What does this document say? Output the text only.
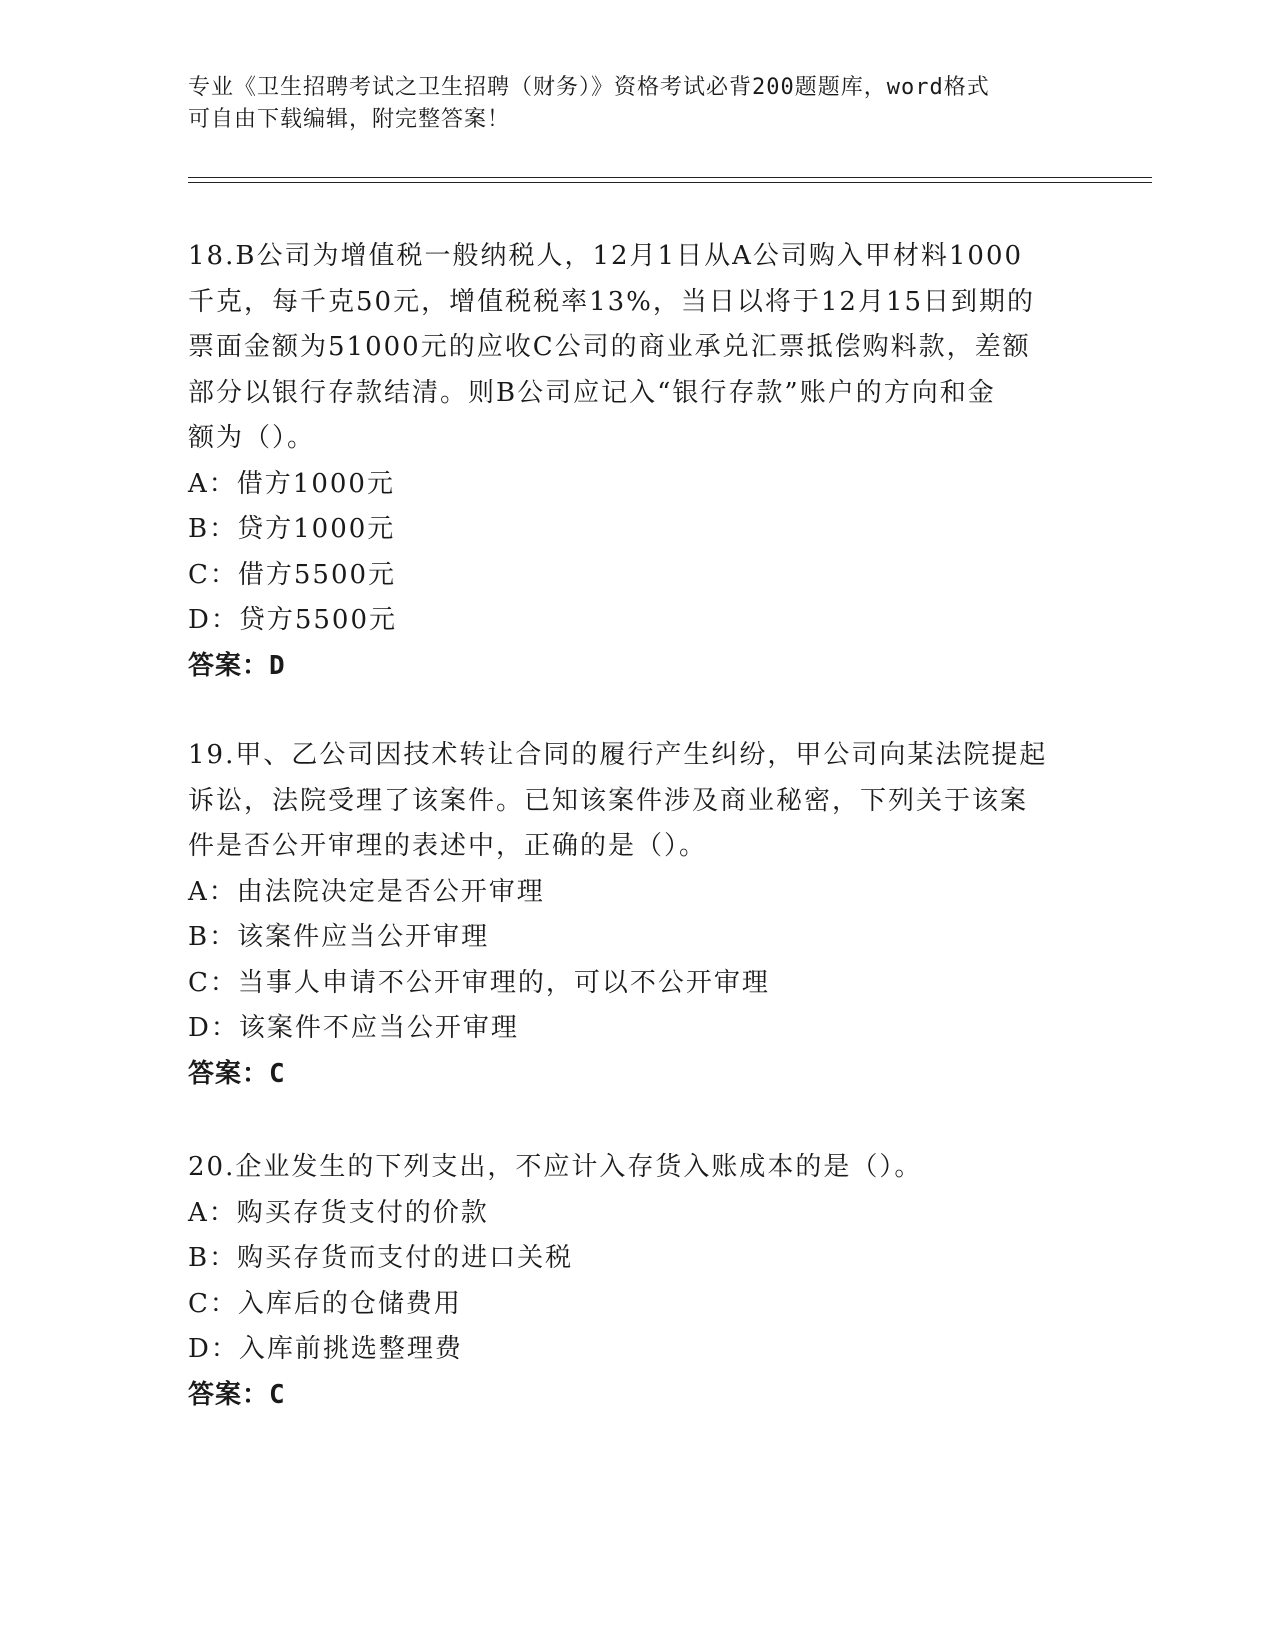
专业《卫生招聘考试之卫生招聘（财务）》资格考试必背200题题库，word格式
可自由下载编辑，附完整答案！

18.B公司为增值税一般纳税人，12月1日从A公司购入甲材料1000

千克，每千克50元，增值税税率13%，当日以将于12月15日到期的

票面金额为51000元的应收C公司的商业承兑汇票抵偿购料款，差额

部分以银行存款结清。则B公司应记入“银行存款”账户的方向和金

额为（）。

A：借方1000元

B：贷方1000元

C：借方5500元

D：贷方5500元

答案：D

19.甲、乙公司因技术转让合同的履行产生纠纷，甲公司向某法院提起

诉讼，法院受理了该案件。已知该案件涉及商业秘密，下列关于该案

件是否公开审理的表述中，正确的是（）。

A：由法院决定是否公开审理

B：该案件应当公开审理

C：当事人申请不公开审理的，可以不公开审理

D：该案件不应当公开审理

答案：C

20.企业发生的下列支出，不应计入存货入账成本的是（）。

A：购买存货支付的价款

B：购买存货而支付的进口关税

C：入库后的仓储费用

D：入库前挑选整理费

答案：C
